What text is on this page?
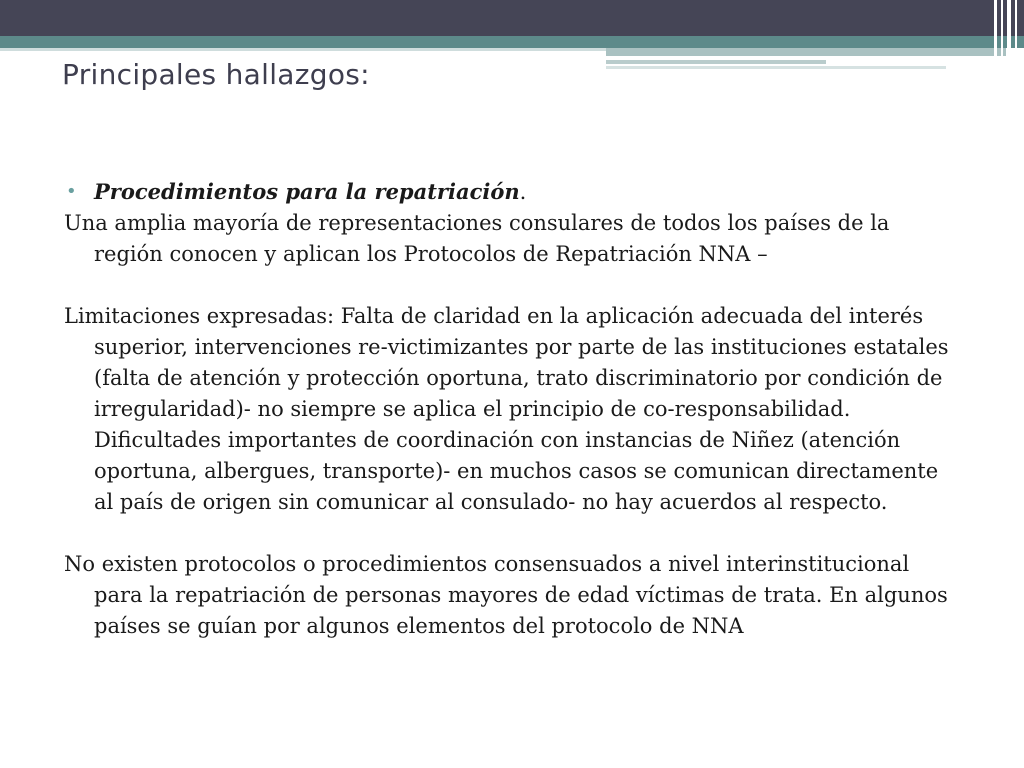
Principales hallazgos:

• Procedimientos para la repatriación.

Una amplia mayoría de representaciones consulares de todos los países de la región conocen y aplican los Protocolos de Repatriación NNA –

Limitaciones expresadas: Falta de claridad en la aplicación adecuada del interés superior, intervenciones re-victimizantes por parte de las instituciones estatales (falta de atención y protección oportuna, trato discriminatorio por condición de irregularidad)- no siempre se aplica el principio de co-responsabilidad. Dificultades importantes de coordinación con instancias de Niñez (atención oportuna, albergues, transporte)- en muchos casos se comunican directamente al país de origen sin comunicar al consulado- no hay acuerdos al respecto.

No existen protocolos o procedimientos consensuados a nivel interinstitucional para la repatriación de personas mayores de edad víctimas de trata. En algunos países se guían por algunos elementos del protocolo de NNA
